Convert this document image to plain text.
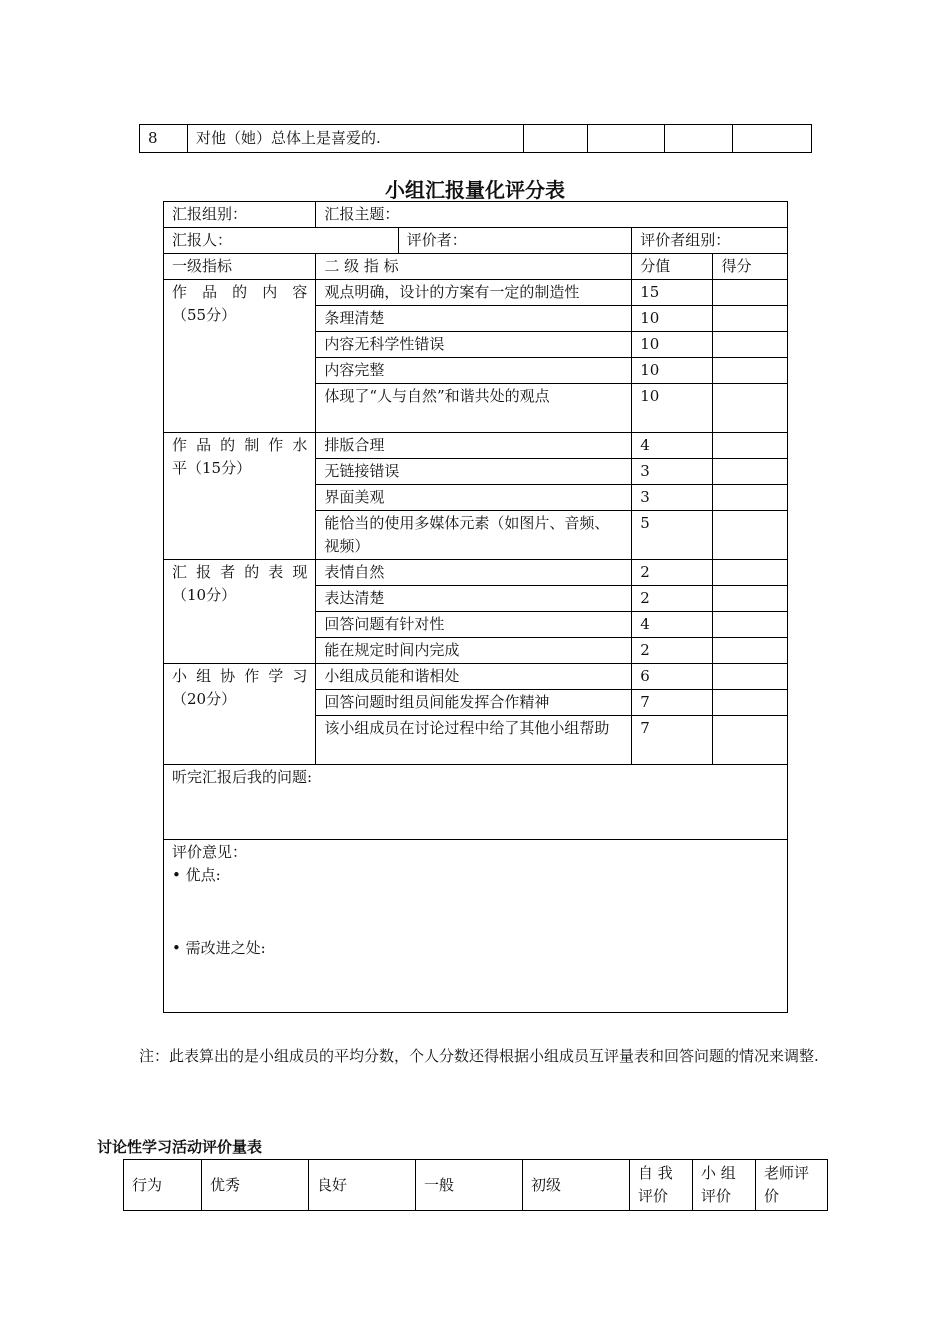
8	对他（她）总体上是喜爱的.				
小组汇报量化评分表
汇报组别：	汇报主题：			
汇报人：		评价者：	评价者组别：	
一级指标	二 级 指 标		分值	得分

作 品 的 内 容
（55分）	观点明确，设计的方案有一定的制造性		15	
	条理清楚		10	
	内容无科学性错误		10	
	内容完整		10	
	体现了“人与自然”和谐共处的观点		10	

作 品 的 制 作 水
平（15分）	排版合理		4	
	无链接错误		3	
	界面美观		3	
	能恰当的使用多媒体元素（如图片、音频、视频）		5	

汇 报 者 的 表 现
（10分）	表情自然		2	
	表达清楚		2	
	回答问题有针对性		4	
	能在规定时间内完成		2	

小 组 协 作 学 习
（20分）	小组成员能和谐相处		6	
	回答问题时组员间能发挥合作精神		7	
	该小组成员在讨论过程中给了其他小组帮助		7	
听完汇报后我的问题:				

评价意见：
• 优点:
• 需改进之处:				

注：此表算出的是小组成员的平均分数，个人分数还得根据小组成员互评量表和回答问题的情况来调整.

讨论性学习活动评价量表
行为	优秀	良好	一般	初级	自 我 评价	小 组 评价	老师评价
